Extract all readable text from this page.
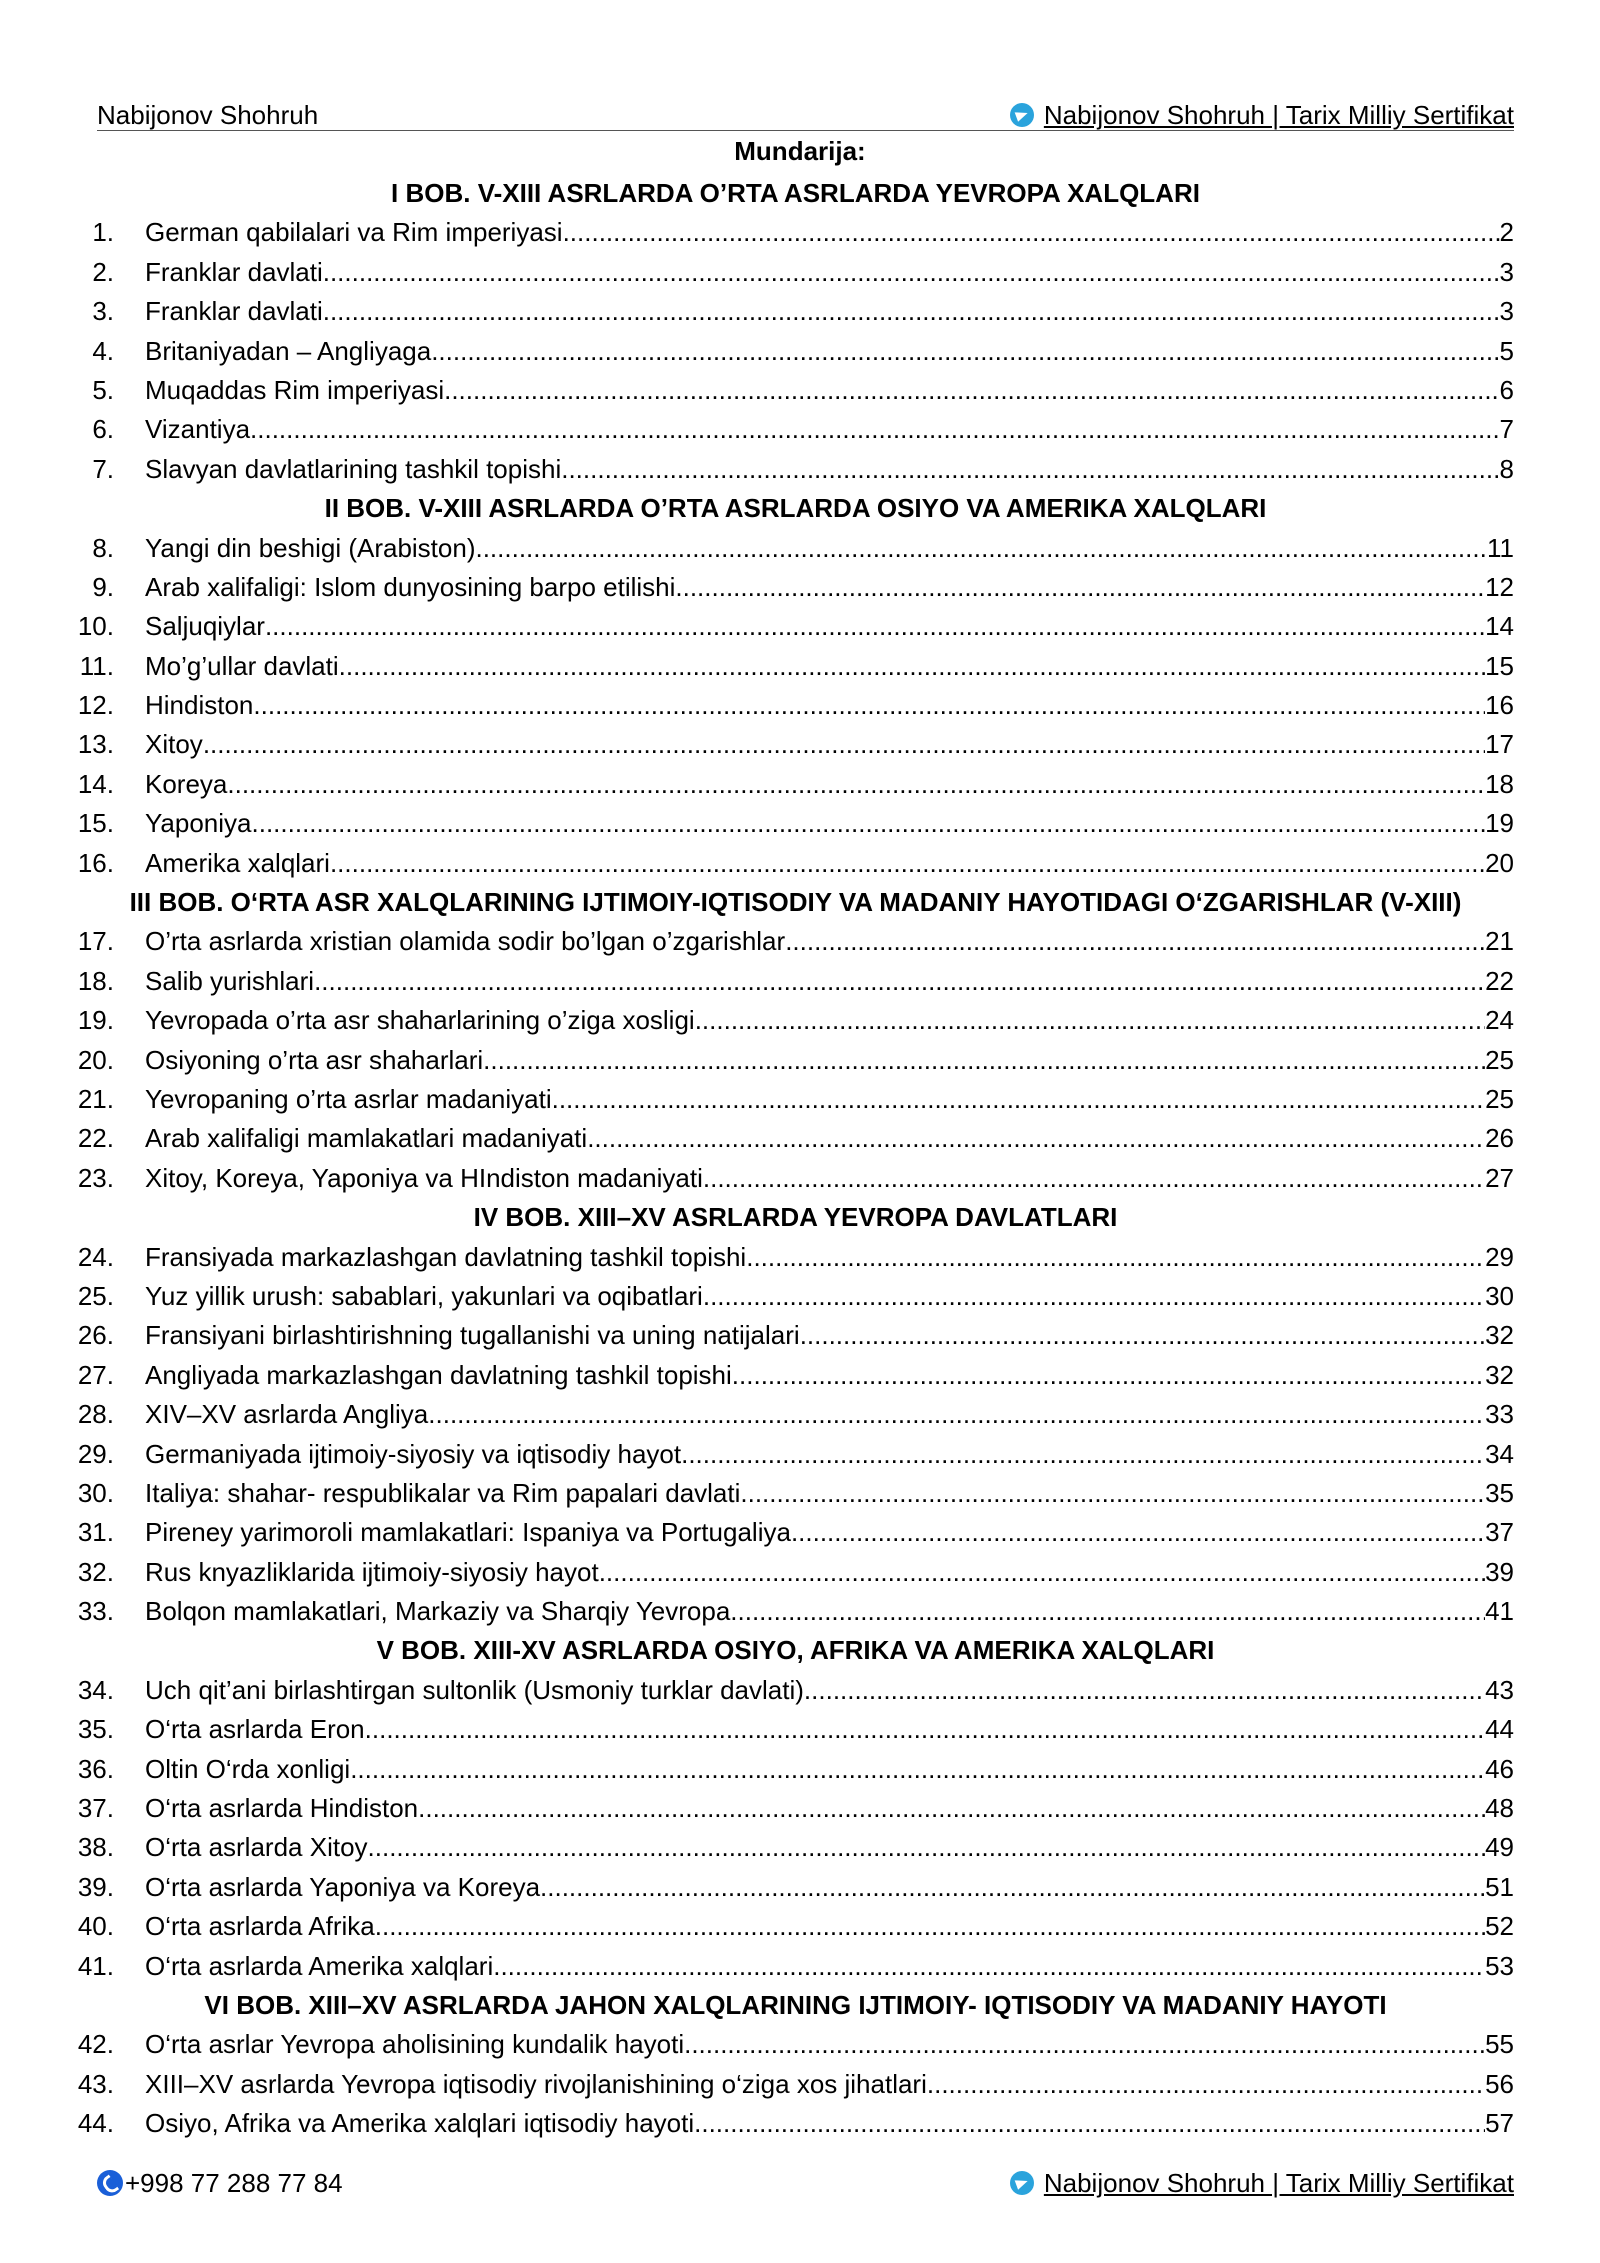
Nabijonov Shohruh	Nabijonov Shohruh | Tarix Milliy Sertifikat
Mundarija:
I BOB. V-XIII ASRLARDA O’RTA ASRLARDA YEVROPA XALQLARI
1. German qabilalari va Rim imperiyasi .....	2
2. Franklar davlati .....	3
3. Franklar davlati .....	3
4. Britaniyadan – Angliyaga .....	5
5. Muqaddas Rim imperiyasi .....	6
6. Vizantiya .....	7
7. Slavyan davlatlarining tashkil topishi .....	8
II BOB. V-XIII ASRLARDA O’RTA ASRLARDA OSIYO VA AMERIKA XALQLARI
8. Yangi din beshigi (Arabiston) .....	11
9. Arab xalifaligi: Islom dunyosining barpo etilishi .....	12
10. Saljuqiylar .....	14
11. Mo’g’ullar davlati .....	15
12. Hindiston .....	16
13. Xitoy .....	17
14. Koreya .....	18
15. Yaponiya .....	19
16. Amerika xalqlari .....	20
III BOB. O‘RTA ASR XALQLARINING IJTIMOIY-IQTISODIY VA MADANIY HAYOTIDAGI O‘ZGARISHLAR (V-XIII)
17. O’rta asrlarda xristian olamida sodir bo’lgan o’zgarishlar .....	21
18. Salib yurishlari .....	22
19. Yevropada o’rta asr shaharlarining o’ziga xosligi .....	24
20. Osiyoning o’rta asr shaharlari .....	25
21. Yevropaning o’rta asrlar madaniyati .....	25
22. Arab xalifaligi mamlakatlari madaniyati .....	26
23. Xitoy, Koreya, Yaponiya va HIndiston madaniyati .....	27
IV BOB. XIII–XV ASRLARDA YEVROPA DAVLATLARI
24. Fransiyada markazlashgan davlatning tashkil topishi .....	29
25. Yuz yillik urush: sabablari, yakunlari va oqibatlari .....	30
26. Fransiyani birlashtirishning tugallanishi va uning natijalari .....	32
27. Angliyada markazlashgan davlatning tashkil topishi .....	32
28. XIV–XV asrlarda Angliya .....	33
29. Germaniyada ijtimoiy-siyosiy va iqtisodiy hayot .....	34
30. Italiya: shahar- respublikalar va Rim papalari davlati .....	35
31. Pireney yarimoroli mamlakatlari: Ispaniya va Portugaliya .....	37
32. Rus knyazliklarida ijtimoiy-siyosiy hayot .....	39
33. Bolqon mamlakatlari, Markaziy va Sharqiy Yevropa .....	41
V BOB. XIII-XV ASRLARDA OSIYO, AFRIKA VA AMERIKA XALQLARI
34. Uch qit’ani birlashtirgan sultonlik (Usmoniy turklar davlati) .....	43
35. O‘rta asrlarda Eron .....	44
36. Oltin O‘rda xonligi .....	46
37. O‘rta asrlarda Hindiston .....	48
38. O‘rta asrlarda Xitoy .....	49
39. O‘rta asrlarda Yaponiya va Koreya .....	51
40. O‘rta asrlarda Afrika .....	52
41. O‘rta asrlarda Amerika xalqlari .....	53
VI BOB. XIII–XV ASRLARDA JAHON XALQLARINING IJTIMOIY- IQTISODIY VA MADANIY HAYOTI
42. O‘rta asrlar Yevropa aholisining kundalik hayoti .....	55
43. XIII–XV asrlarda Yevropa iqtisodiy rivojlanishining o‘ziga xos jihatlari .....	56
44. Osiyo, Afrika va Amerika xalqlari iqtisodiy hayoti .....	57
+998 77 288 77 84	Nabijonov Shohruh | Tarix Milliy Sertifikat
